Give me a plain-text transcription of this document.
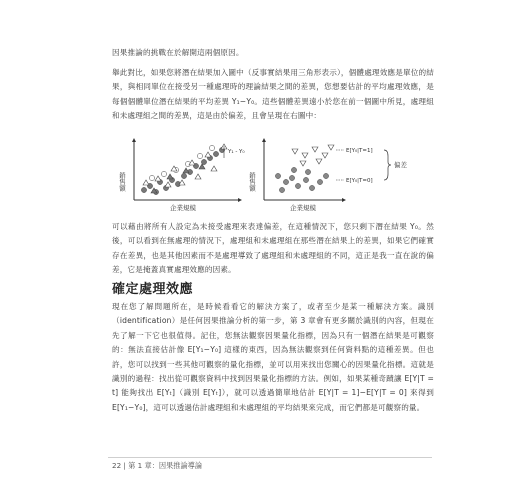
因果推論的挑戰在於解開這兩個原因。

舉此對比，如果您將潛在結果加入圖中（反事實結果用三角形表示），個體處理效應是單位的結果，與相同單位在接受另一種處理時的理論結果之間的差異，您想要估計的平均處理效應，是每個個體單位潛在結果的平均差異 Y₁−Y₀。這些個體差異遠小於您在前一個圖中所見，處理組和未處理組之間的差異，這是由於偏差，且會呈現在右圖中：

銷售額
企業規模
Y₁ - Y₀
銷售額
企業規模
E[Y₀|T=1]
E[Y₀|T=0]
偏差

可以藉由將所有人設定為未接受處理來表達偏差，在這種情況下，您只剩下潛在結果 Y₀。然後，可以看到在無處理的情況下，處理組和未處理組在那些潛在結果上的差異，如果它們確實存在差異，也是其他因素而不是處理導致了處理組和未處理組的不同，這正是我一直在說的偏差，它是掩蓋真實處理效應的因素。

確定處理效應

現在您了解問題所在，是時候看看它的解決方案了，或者至少是某一種解決方案。識別（identification）是任何因果推論分析的第一步，第 3 章會有更多關於識別的內容，但現在先了解一下它也很值得。記住，您無法觀察因果量化指標，因為只有一個潛在結果是可觀察的：無法直接估計像 E[Y₁−Y₀] 這樣的東西，因為無法觀察到任何資料點的這種差異。但也許，您可以找到一些其他可觀察的量化指標，並可以用來找出您關心的因果量化指標。這就是識別的過程：找出從可觀察資料中找到因果量化指標的方法。例如，如果某種奇蹟讓 E[Y|T = t] 能夠找出 E[Yₜ]（識別 E[Yₜ]），就可以透過簡單地估計 E[Y|T = 1]−E[Y|T = 0] 來得到 E[Y₁−Y₀]，這可以透過估計處理組和未處理組的平均結果來完成，而它們都是可觀察的量。

22 | 第 1 章：因果推論導論
